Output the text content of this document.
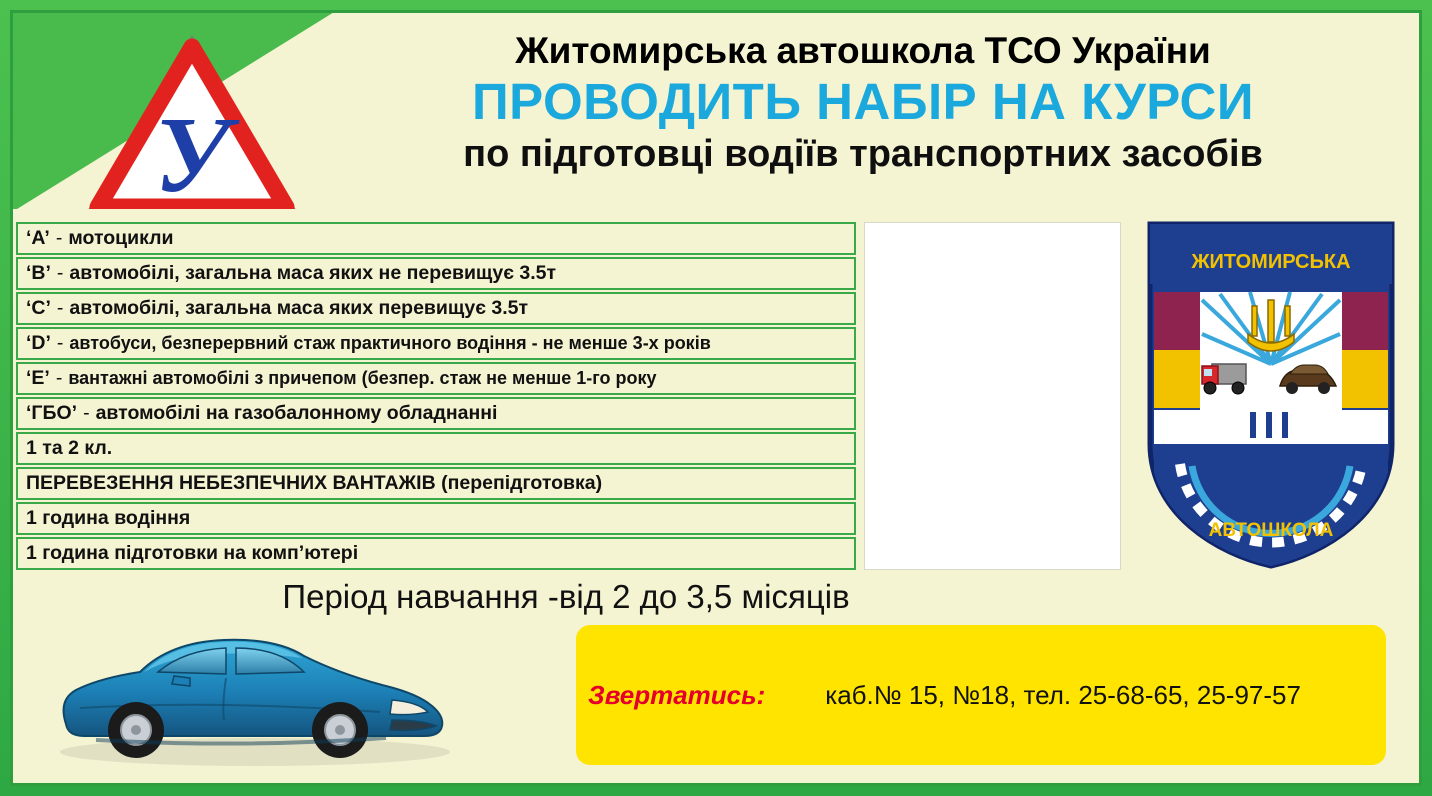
У
Житомирська автошкола ТСО України
ПРОВОДИТЬ НАБІР НА КУРСИ
по підготовці водіїв транспортних засобів
‘A’ - мотоцикли
‘B’ - автомобілі, загальна маса яких не перевищує 3.5т
‘C’ - автомобілі, загальна маса яких перевищує 3.5т
‘D’ - автобуси, безперервний стаж практичного водіння - не менше 3-х років
‘E’ - вантажні автомобілі з причепом (безпер. стаж не менше 1-го року
‘ГБО’ - автомобілі на газобалонному обладнанні
1 та 2 кл.
ПЕРЕВЕЗЕННЯ НЕБЕЗПЕЧНИХ ВАНТАЖІВ (перепідготовка)
1 година водіння
1 година підготовки на комп’ютері
ЖИТОМИРСЬКА
АВТОШКОЛА
Період навчання -від 2 до 3,5 місяців
Звертатись: каб.№ 15, №18, тел. 25-68-65, 25-97-57
